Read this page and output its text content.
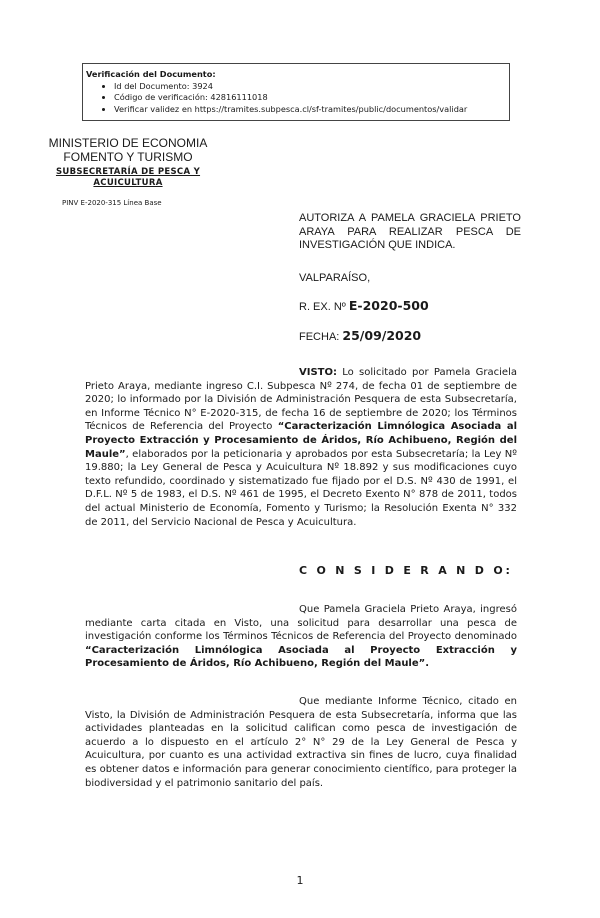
Verificación del Documento:
• Id del Documento: 3924
• Código de verificación: 42816111018
• Verificar validez en https://tramites.subpesca.cl/sf-tramites/public/documentos/validar
MINISTERIO DE ECONOMIA
FOMENTO Y TURISMO
SUBSECRETARÍA DE PESCA Y
ACUICULTURA
PINV E-2020-315 Línea Base
AUTORIZA A PAMELA GRACIELA PRIETO ARAYA PARA REALIZAR PESCA DE INVESTIGACIÓN QUE INDICA.
VALPARAÍSO,
R. EX. Nº E-2020-500
FECHA: 25/09/2020
VISTO: Lo solicitado por Pamela Graciela Prieto Araya, mediante ingreso C.I. Subpesca Nº 274, de fecha 01 de septiembre de 2020; lo informado por la División de Administración Pesquera de esta Subsecretaría, en Informe Técnico N° E-2020-315, de fecha 16 de septiembre de 2020; los Términos Técnicos de Referencia del Proyecto “Caracterización Limnólogica Asociada al Proyecto Extracción y Procesamiento de Áridos, Río Achibueno, Región del Maule”, elaborados por la peticionaria y aprobados por esta Subsecretaría; la Ley Nº 19.880; la Ley General de Pesca y Acuicultura Nº 18.892 y sus modificaciones cuyo texto refundido, coordinado y sistematizado fue fijado por el D.S. Nº 430 de 1991, el D.F.L. Nº 5 de 1983, el D.S. Nº 461 de 1995, el Decreto Exento N° 878 de 2011, todos del actual Ministerio de Economía, Fomento y Turismo; la Resolución Exenta N° 332 de 2011, del Servicio Nacional de Pesca y Acuicultura.
C O N S I D E R A N D O:
Que Pamela Graciela Prieto Araya, ingresó mediante carta citada en Visto, una solicitud para desarrollar una pesca de investigación conforme los Términos Técnicos de Referencia del Proyecto denominado “Caracterización Limnólogica Asociada al Proyecto Extracción y Procesamiento de Áridos, Río Achibueno, Región del Maule”.
Que mediante Informe Técnico, citado en Visto, la División de Administración Pesquera de esta Subsecretaría, informa que las actividades planteadas en la solicitud califican como pesca de investigación de acuerdo a lo dispuesto en el artículo 2° N° 29 de la Ley General de Pesca y Acuicultura, por cuanto es una actividad extractiva sin fines de lucro, cuya finalidad es obtener datos e información para generar conocimiento científico, para proteger la biodiversidad y el patrimonio sanitario del país.
1
